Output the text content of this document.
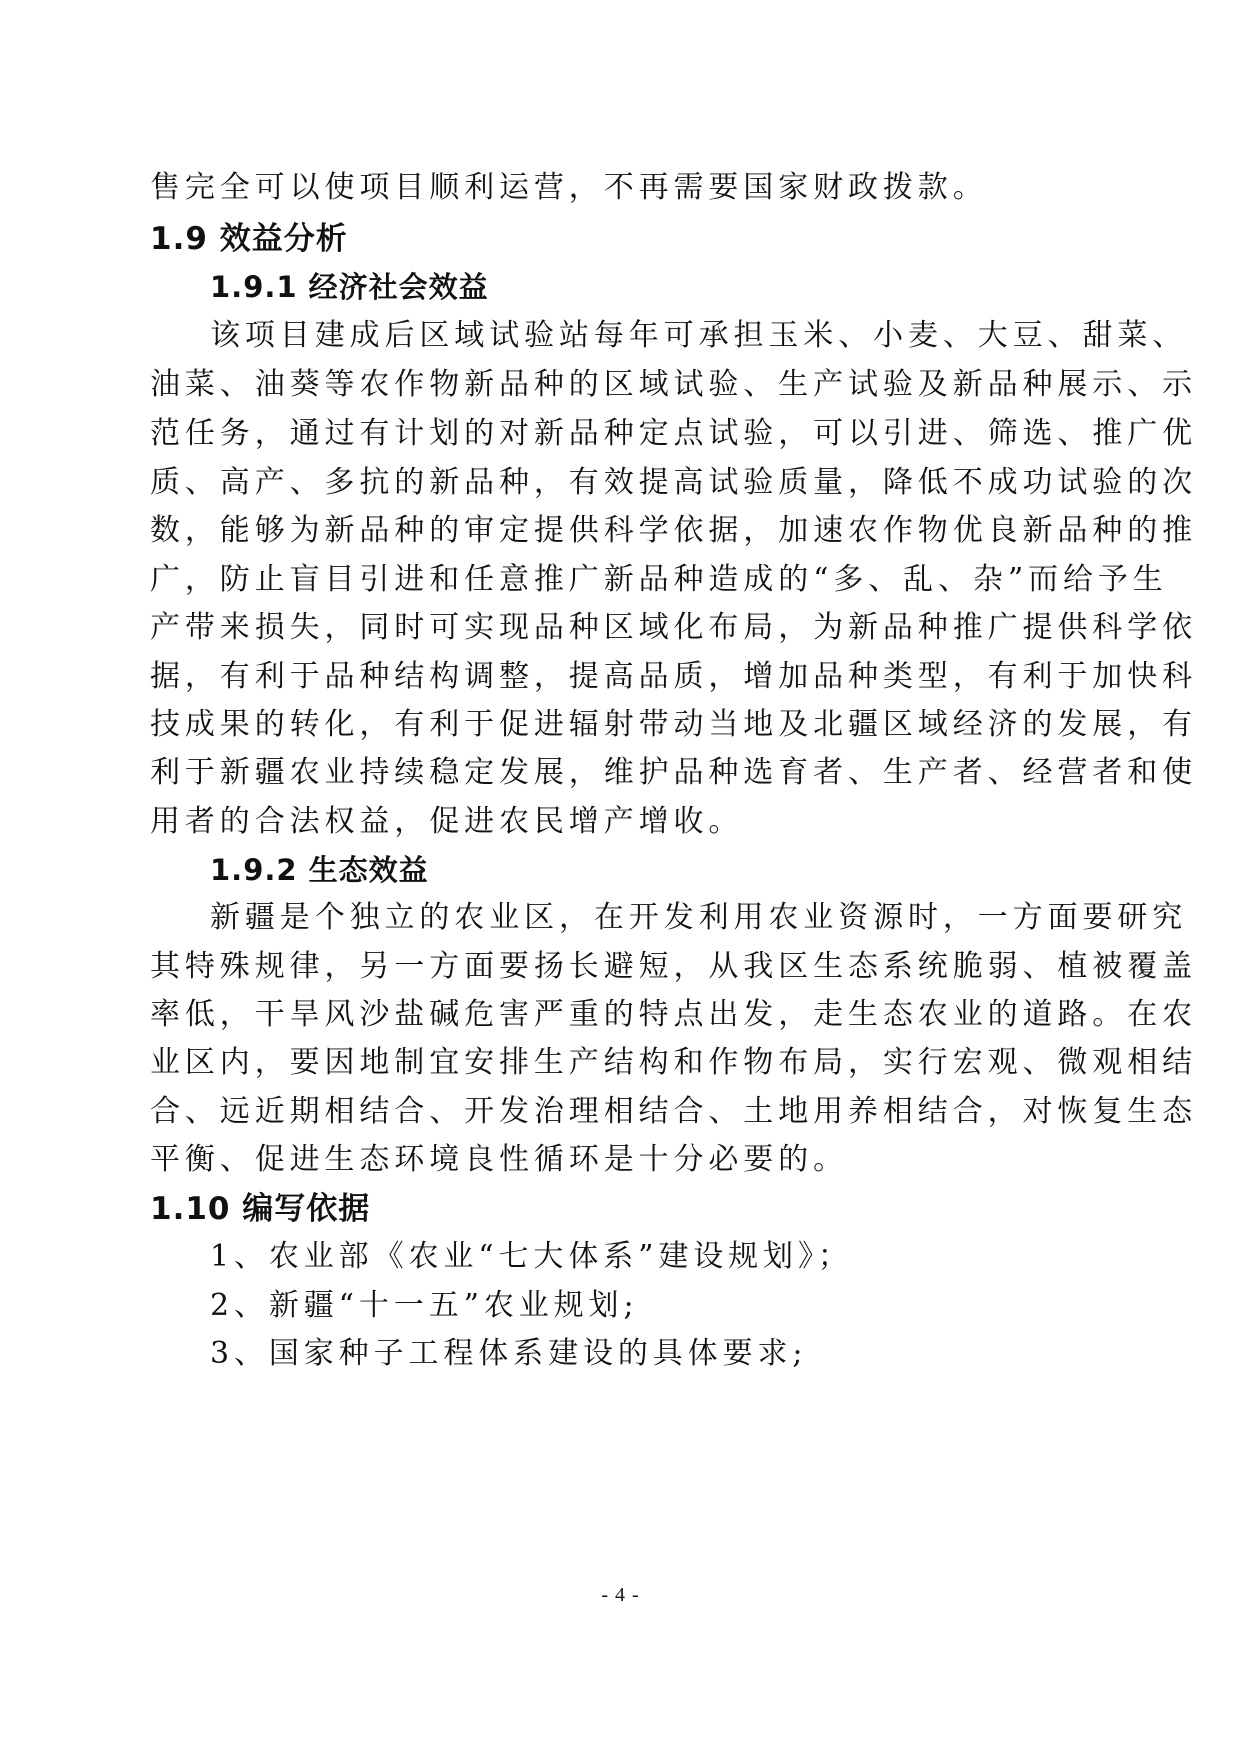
售完全可以使项目顺利运营，不再需要国家财政拨款。
1.9 效益分析
1.9.1 经济社会效益
该项目建成后区域试验站每年可承担玉米、小麦、大豆、甜菜、
油菜、油葵等农作物新品种的区域试验、生产试验及新品种展示、示
范任务，通过有计划的对新品种定点试验，可以引进、筛选、推广优
质、高产、多抗的新品种，有效提高试验质量，降低不成功试验的次
数，能够为新品种的审定提供科学依据，加速农作物优良新品种的推
广，防止盲目引进和任意推广新品种造成的“多、乱、杂”而给予生
产带来损失，同时可实现品种区域化布局，为新品种推广提供科学依
据，有利于品种结构调整，提高品质，增加品种类型，有利于加快科
技成果的转化，有利于促进辐射带动当地及北疆区域经济的发展，有
利于新疆农业持续稳定发展，维护品种选育者、生产者、经营者和使
用者的合法权益，促进农民增产增收。
1.9.2 生态效益
新疆是个独立的农业区，在开发利用农业资源时，一方面要研究
其特殊规律，另一方面要扬长避短，从我区生态系统脆弱、植被覆盖
率低，干旱风沙盐碱危害严重的特点出发，走生态农业的道路。在农
业区内，要因地制宜安排生产结构和作物布局，实行宏观、微观相结
合、远近期相结合、开发治理相结合、土地用养相结合，对恢复生态
平衡、促进生态环境良性循环是十分必要的。
1.10 编写依据
1、农业部《农业“七大体系”建设规划》；
2、新疆“十一五”农业规划;
3、国家种子工程体系建设的具体要求;
- 4 -
